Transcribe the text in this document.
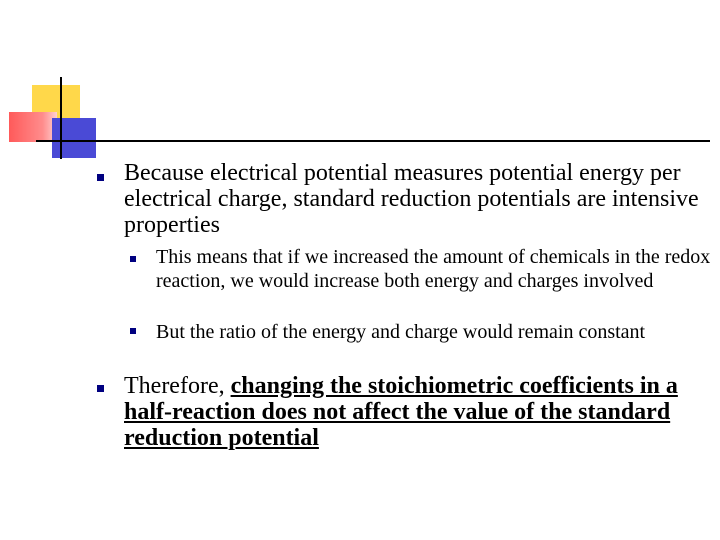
Because electrical potential measures potential energy per electrical charge, standard reduction potentials are intensive properties
This means that if we increased the amount of chemicals in the redox reaction, we would increase both energy and charges involved
But the ratio of the energy and charge would remain constant
Therefore, changing the stoichiometric coefficients in a half-reaction does not affect the value of the standard reduction potential
